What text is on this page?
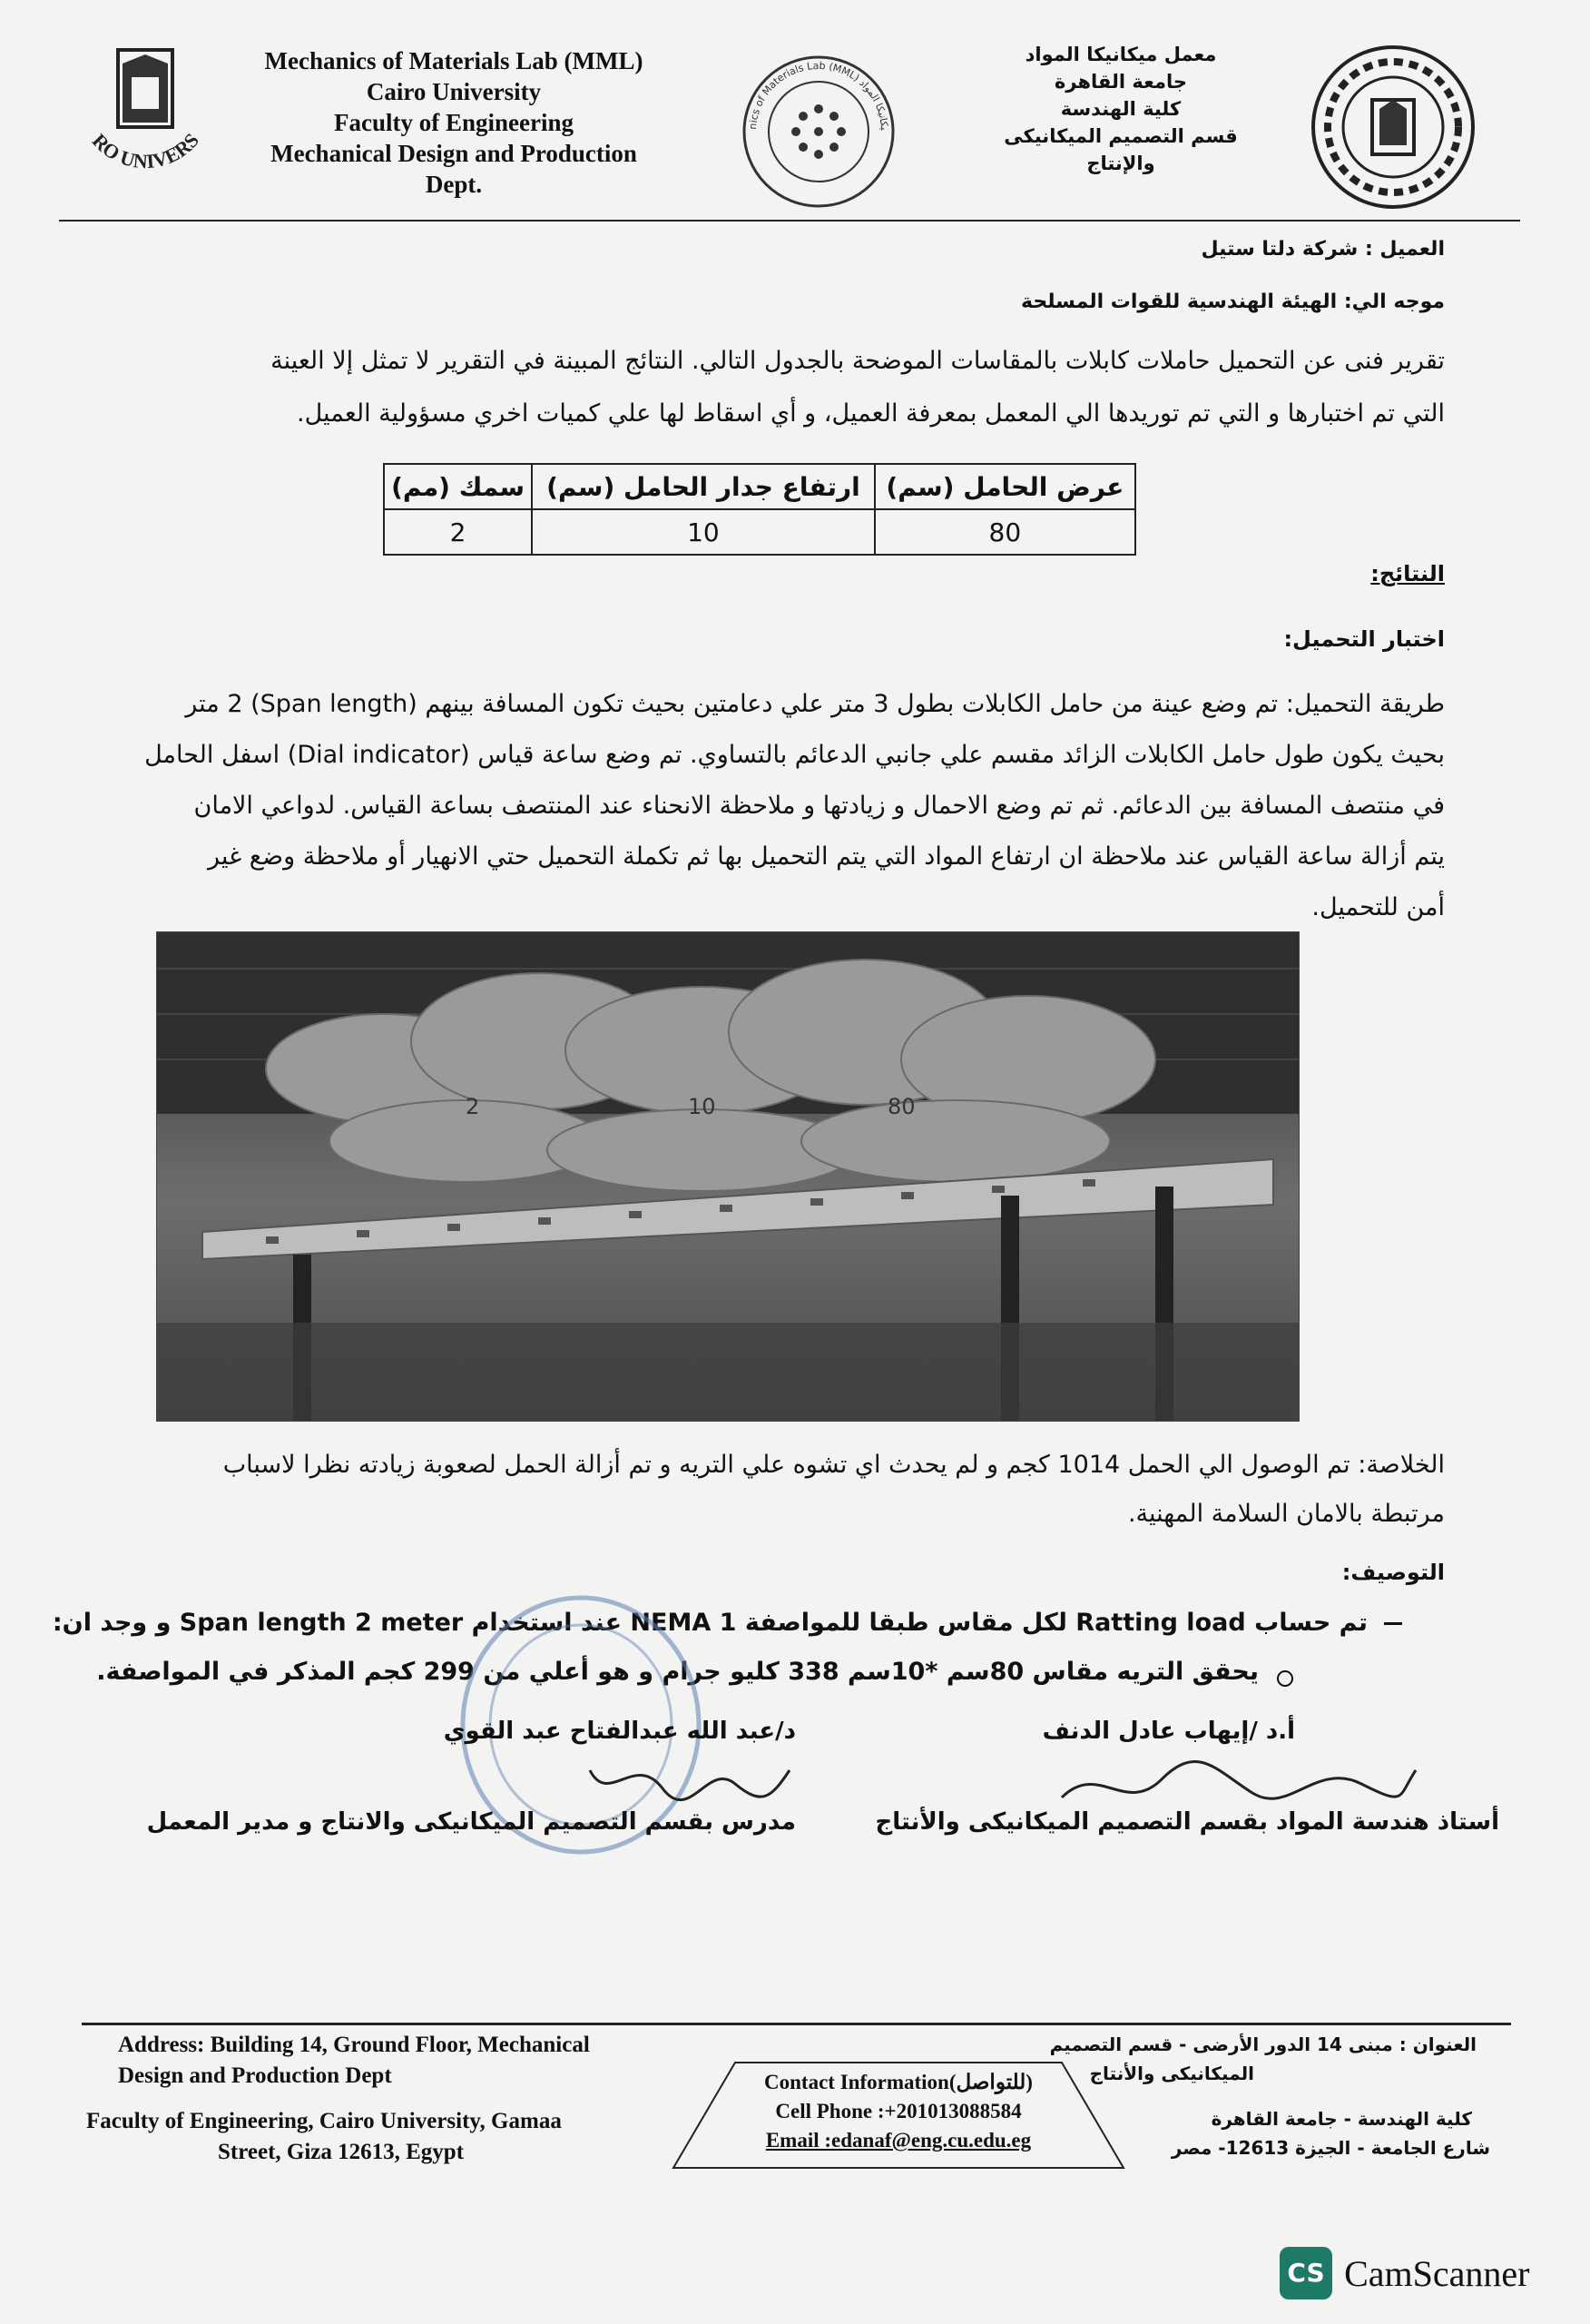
RO UNIVERS
Mechanics of Materials Lab (MML)
Cairo University
Faculty of Engineering
Mechanical Design and Production
Dept.
nics of Materials Lab (MML) يكانيكا المواد
معمل ميكانيكا المواد
جامعة القاهرة
كلية الهندسة
قسم التصميم الميكانيكى
والإنتاج
العميل : شركة دلتا ستيل
موجه الي: الهيئة الهندسية للقوات المسلحة
تقرير فنى عن التحميل حاملات كابلات بالمقاسات الموضحة بالجدول التالي. النتائج المبينة في التقرير لا تمثل إلا العينة
التي تم اختبارها و التي تم توريدها الي المعمل بمعرفة العميل، و أي اسقاط لها علي كميات اخري مسؤولية العميل.
عرض الحامل (سم)	ارتفاع جدار الحامل (سم)	سمك (مم)
80	10	2
النتائج:
اختبار التحميل:
طريقة التحميل: تم وضع عينة من حامل الكابلات بطول 3 متر علي دعامتين بحيث تكون المسافة بينهم (Span length) 2 متر
بحيث يكون طول حامل الكابلات الزائد مقسم علي جانبي الدعائم بالتساوي. تم وضع ساعة قياس (Dial indicator) اسفل الحامل
في منتصف المسافة بين الدعائم. ثم تم وضع الاحمال و زيادتها و ملاحظة الانحناء عند المنتصف بساعة القياس. لدواعي الامان
يتم أزالة ساعة القياس عند ملاحظة ان ارتفاع المواد التي يتم التحميل بها ثم تكملة التحميل حتي الانهيار أو ملاحظة وضع غير
أمن للتحميل.
80
10
2
الخلاصة: تم الوصول الي الحمل 1014 كجم و لم يحدث اي تشوه علي التريه و تم أزالة الحمل لصعوبة زيادته نظرا لاسباب
مرتبطة بالامان السلامة المهنية.
التوصيف:
تم حساب Ratting load لكل مقاس طبقا للمواصفة NEMA 1 عند استخدام Span length 2 meter و وجد ان:
يحقق التريه مقاس 80سم *10سم 338 كليو جرام و هو أعلي من 299 كجم المذكر في المواصفة.
أ.د /إيهاب عادل الدنف
د/عبد الله عبدالفتاح عبد القوي
أستاذ هندسة المواد بقسم التصميم الميكانيكى والأنتاج
مدرس بقسم التصميم الميكانيكى والانتاج و مدير المعمل
Address: Building 14, Ground Floor, Mechanical
Design and Production Dept
Faculty of Engineering, Cairo University, Gamaa
Street, Giza 12613, Egypt
Contact Information(للتواصل)
Cell Phone :+201013088584
Email :edanaf@eng.cu.edu.eg
العنوان : مبنى 14 الدور الأرضى - قسم التصميم
الميكانيكى والأنتاج
كلية الهندسة - جامعة القاهرة
شارع الجامعة - الجيزة 12613- مصر
CS CamScanner
